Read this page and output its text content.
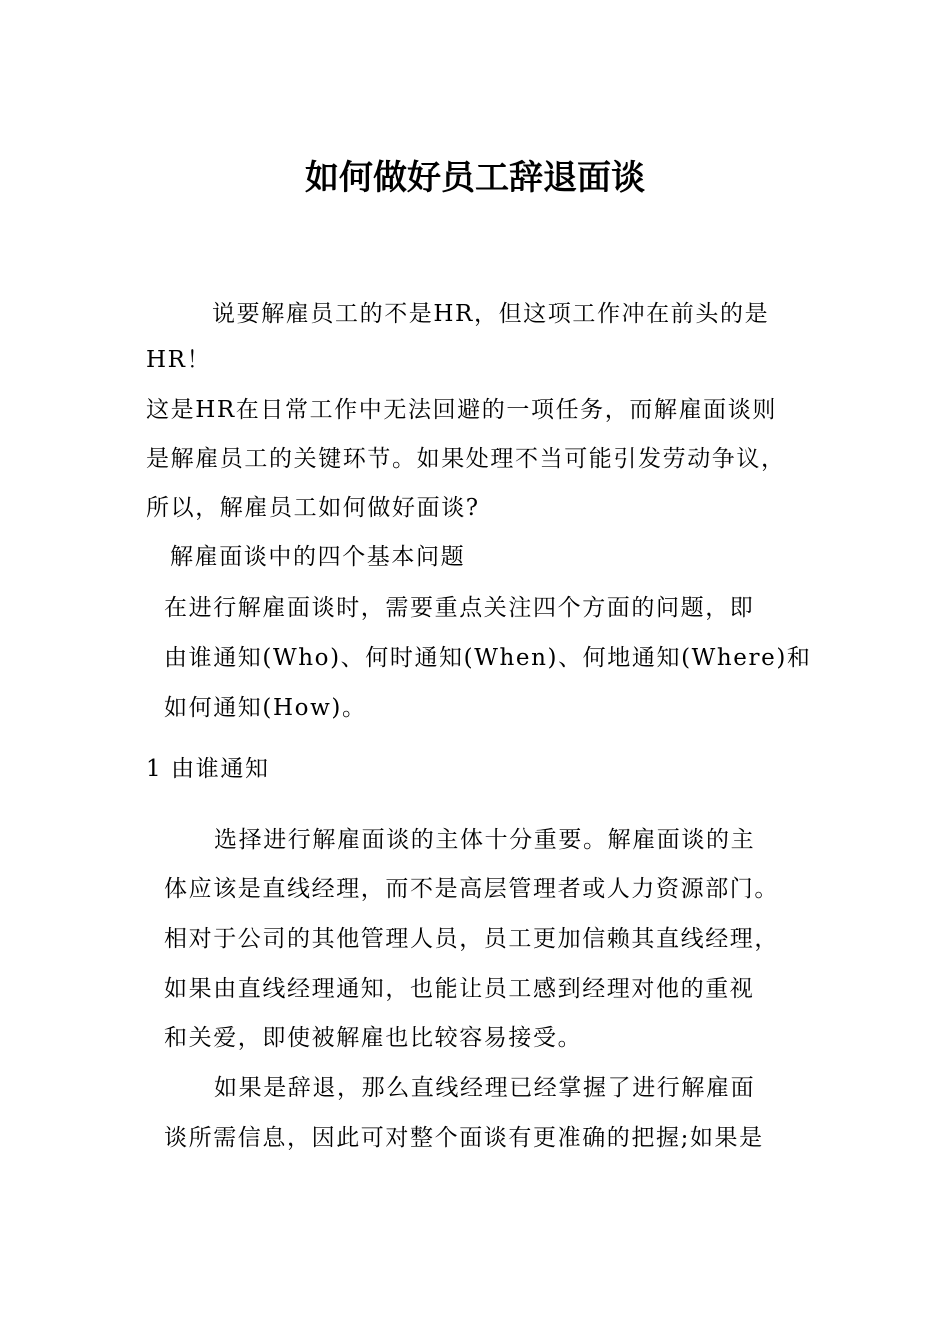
如何做好员工辞退面谈
说要解雇员工的不是HR，但这项工作冲在前头的是
HR！
这是HR在日常工作中无法回避的一项任务，而解雇面谈则
是解雇员工的关键环节。如果处理不当可能引发劳动争议，
所以，解雇员工如何做好面谈?
解雇面谈中的四个基本问题
在进行解雇面谈时，需要重点关注四个方面的问题，即
由谁通知(Who)、何时通知(When)、何地通知(Where)和
如何通知(How)。
1 由谁通知
选择进行解雇面谈的主体十分重要。解雇面谈的主
体应该是直线经理，而不是高层管理者或人力资源部门。
相对于公司的其他管理人员，员工更加信赖其直线经理，
如果由直线经理通知，也能让员工感到经理对他的重视
和关爱，即使被解雇也比较容易接受。
如果是辞退，那么直线经理已经掌握了进行解雇面
谈所需信息，因此可对整个面谈有更准确的把握;如果是
